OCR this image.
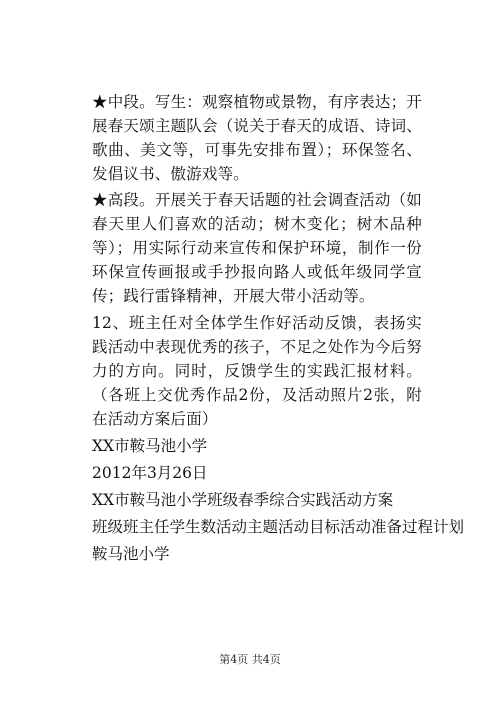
★中段。写生：观察植物或景物，有序表达；开展春天颂主题队会（说关于春天的成语、诗词、歌曲、美文等，可事先安排布置）；环保签名、发倡议书、傲游戏等。

★高段。开展关于春天话题的社会调查活动（如春天里人们喜欢的活动；树木变化；树木品种等）；用实际行动来宣传和保护环境，制作一份环保宣传画报或手抄报向路人或低年级同学宣传；践行雷锋精神，开展大带小活动等。

12、班主任对全体学生作好活动反馈，表扬实践活动中表现优秀的孩子，不足之处作为今后努力的方向。同时，反馈学生的实践汇报材料。（各班上交优秀作品2份，及活动照片2张，附在活动方案后面）

XX市鞍马池小学
2012年3月26日
XX市鞍马池小学班级春季综合实践活动方案
班级班主任学生数活动主题活动目标活动准备过程计划
鞍马池小学
第4页 共4页
